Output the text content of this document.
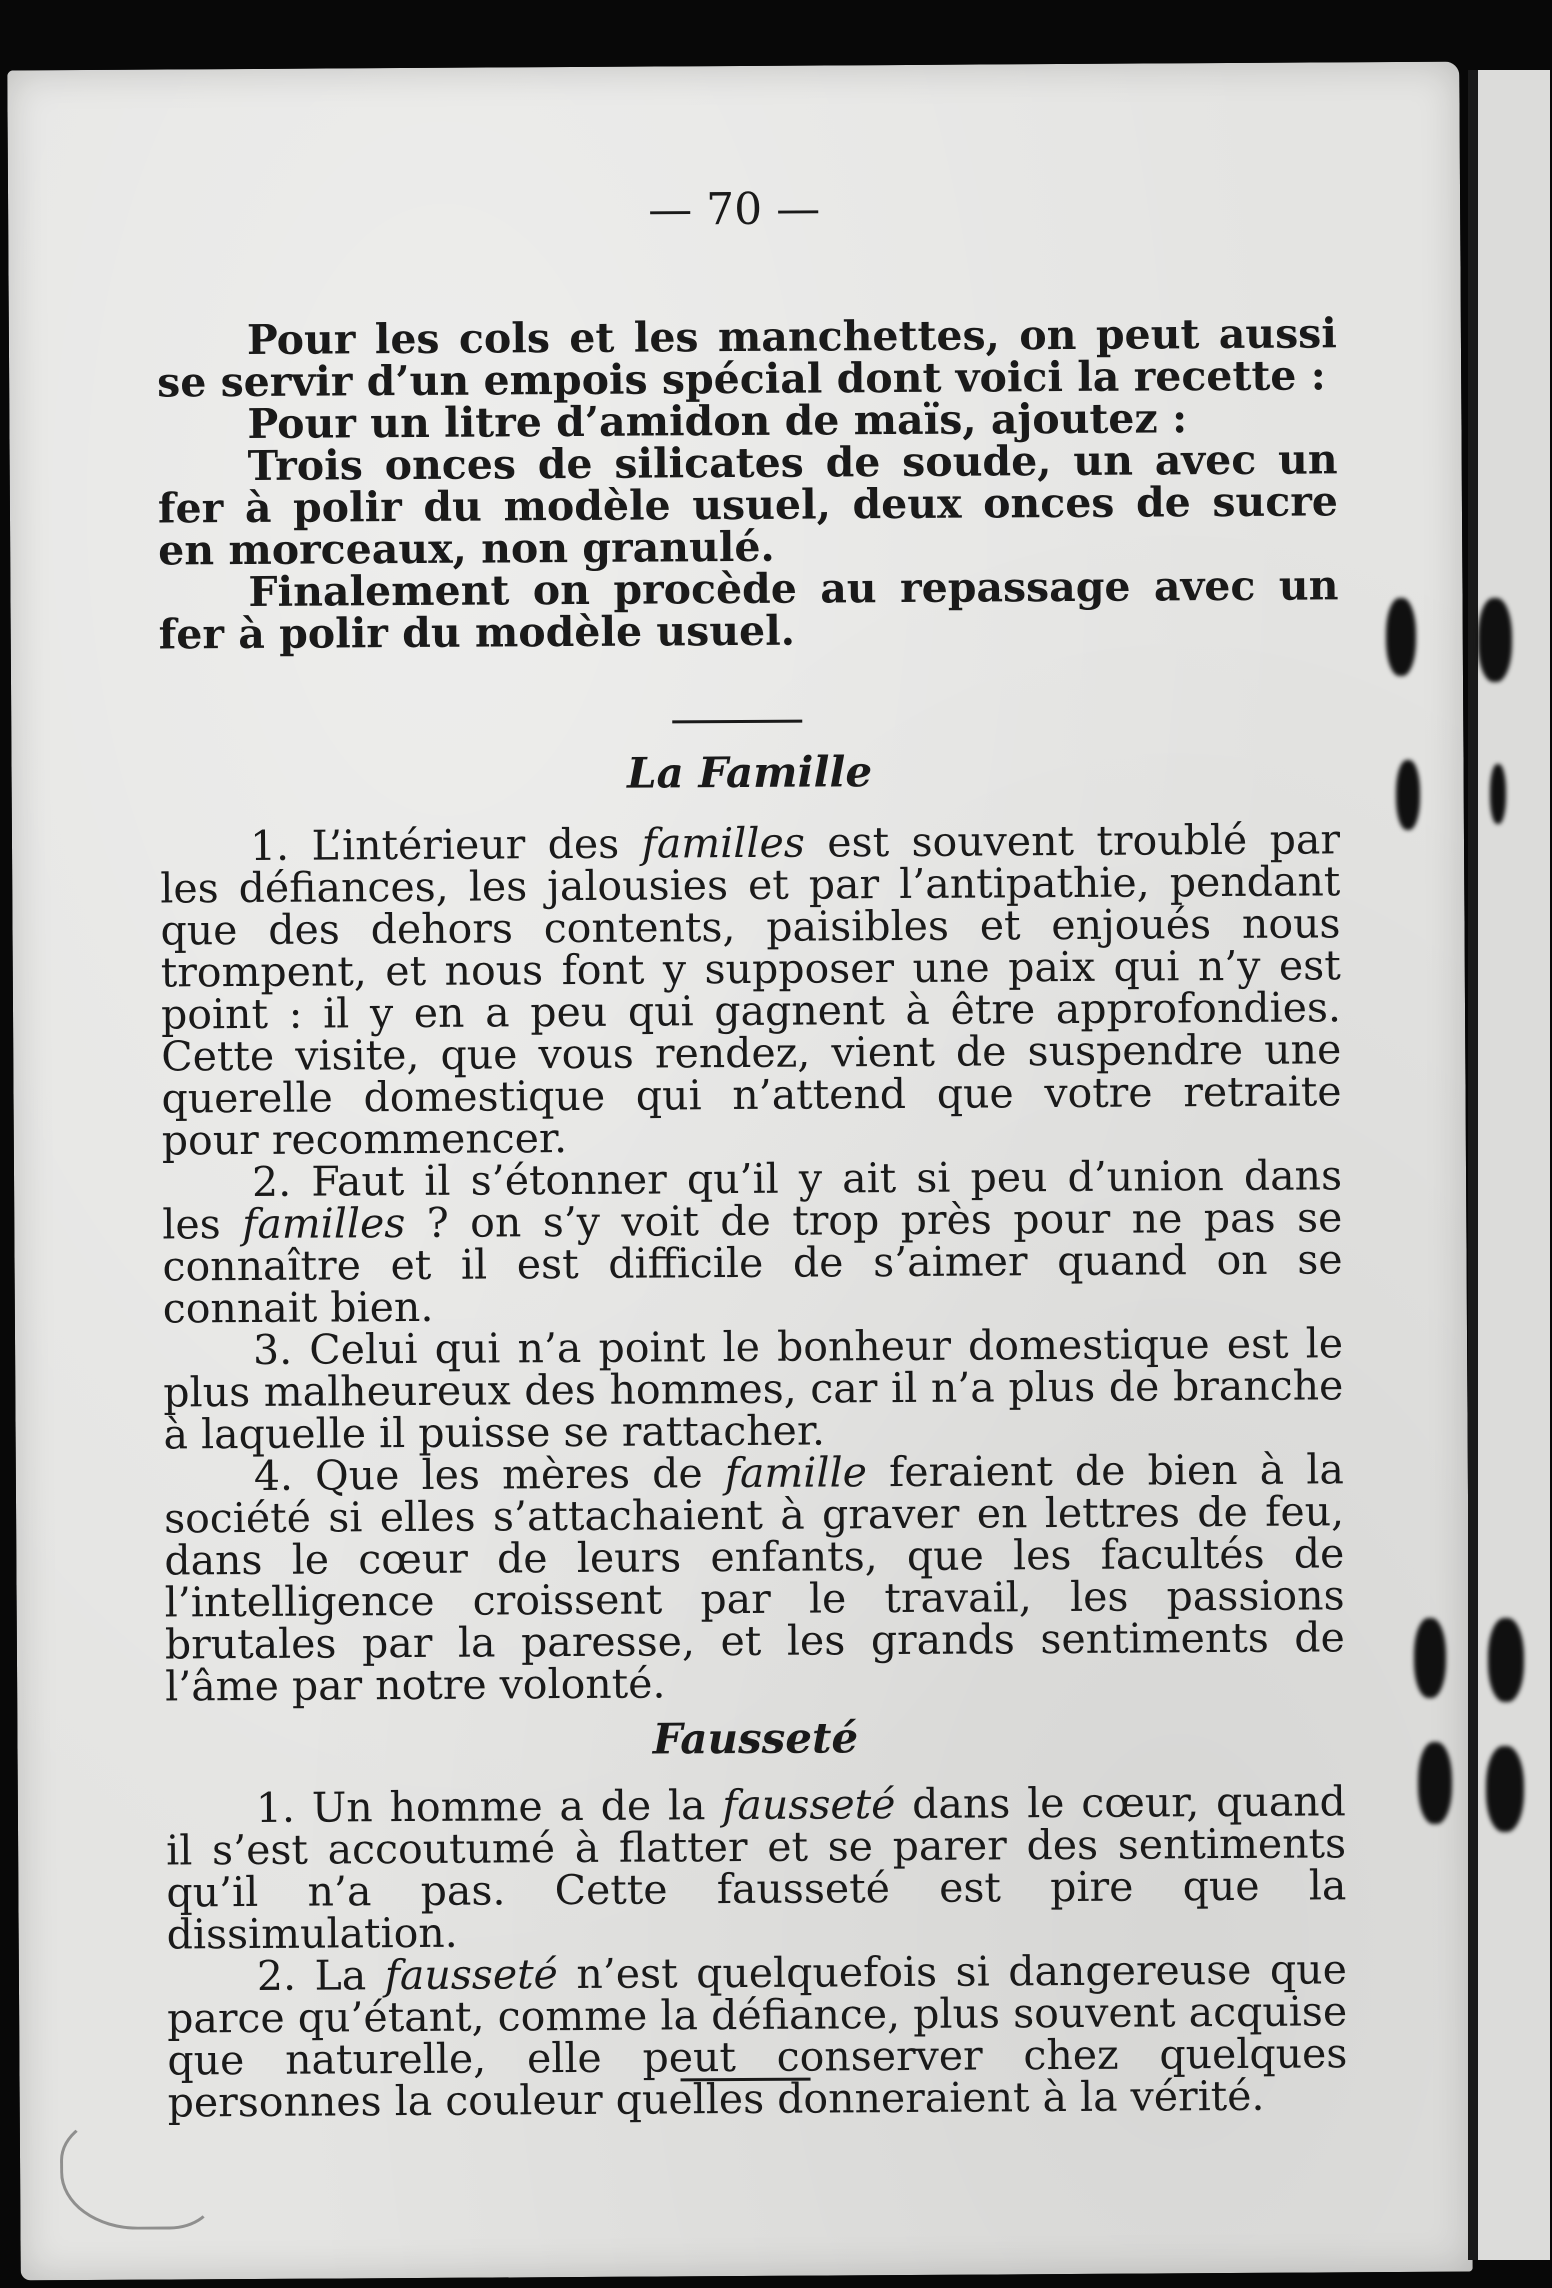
— 70 —

Pour les cols et les manchettes, on peut aussi se servir d’un empois spécial dont voici la recette :

Pour un litre d’amidon de maïs, ajoutez :

Trois onces de silicates de soude, un avec un fer à polir du modèle usuel, deux onces de sucre en morceaux, non granulé.

Finalement on procède au repassage avec un fer à polir du modèle usuel.

La Famille

1. L’intérieur des familles est souvent troublé par les défiances, les jalousies et par l’antipathie, pendant que des dehors contents, paisibles et enjoués nous trompent, et nous font y supposer une paix qui n’y est point : il y en a peu qui gagnent à être approfondies. Cette visite, que vous rendez, vient de suspendre une querelle domestique qui n’attend que votre retraite pour recommencer.

2. Faut il s’étonner qu’il y ait si peu d’union dans les familles ? on s’y voit de trop près pour ne pas se connaître et il est difficile de s’aimer quand on se connait bien.

3. Celui qui n’a point le bonheur domestique est le plus malheureux des hommes, car il n’a plus de branche à laquelle il puisse se rattacher.

4. Que les mères de famille feraient de bien à la société si elles s’attachaient à graver en lettres de feu, dans le cœur de leurs enfants, que les facultés de l’intelligence croissent par le travail, les passions brutales par la paresse, et les grands sentiments de l’âme par notre volonté.

Fausseté

1. Un homme a de la fausseté dans le cœur, quand il s’est accoutumé à flatter et se parer des sentiments qu’il n’a pas. Cette fausseté est pire que la dissimulation.

2. La fausseté n’est quelquefois si dangereuse que parce qu’étant, comme la défiance, plus souvent acquise que naturelle, elle peut conserver chez quelques personnes la couleur quelles donneraient à la vérité.
